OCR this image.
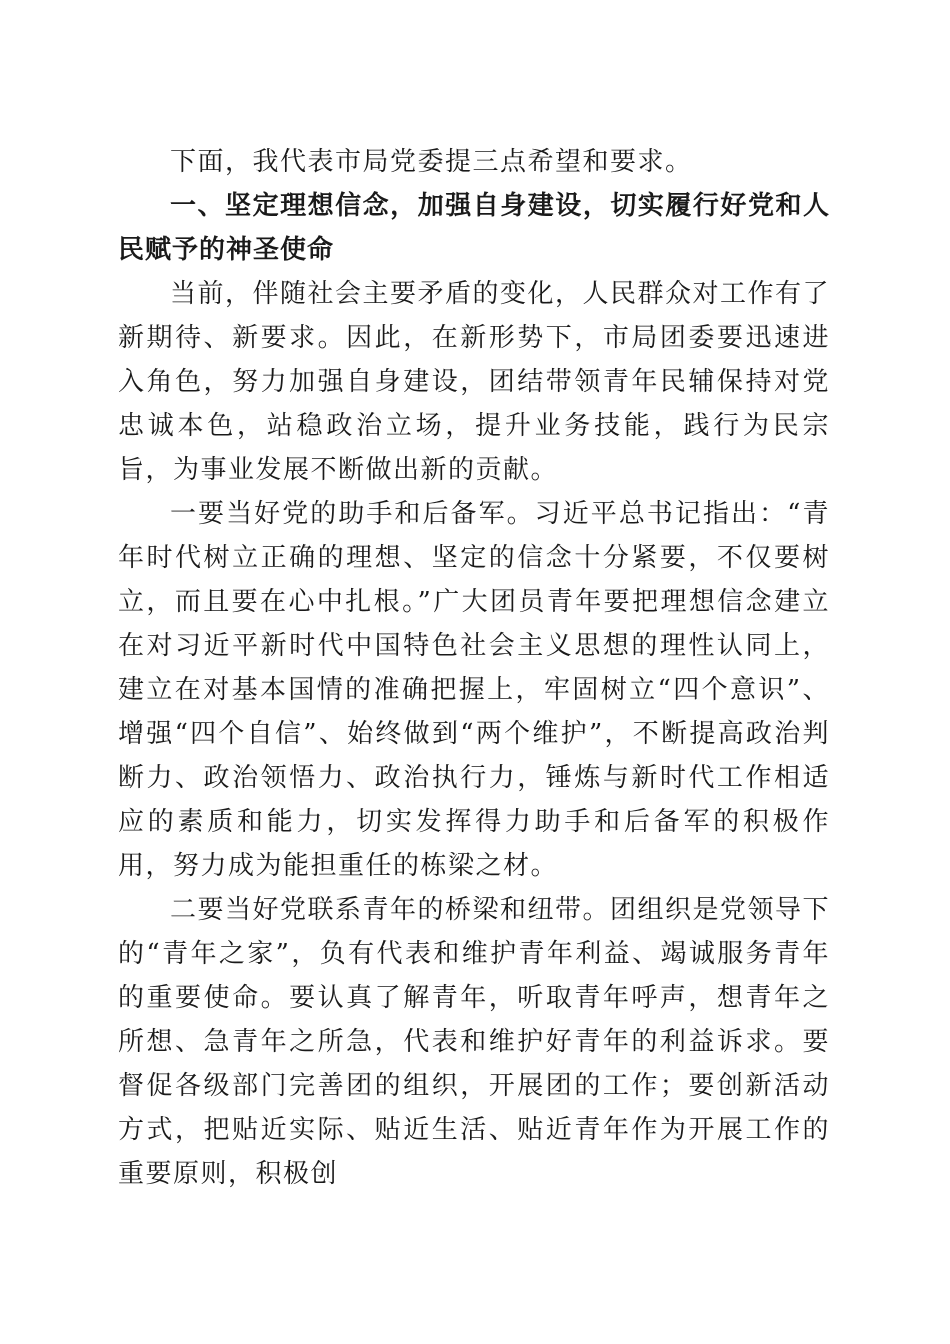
下面，我代表市局党委提三点希望和要求。

一、坚定理想信念，加强自身建设，切实履行好党和人民赋予的神圣使命

当前，伴随社会主要矛盾的变化，人民群众对工作有了新期待、新要求。因此，在新形势下，市局团委要迅速进入角色，努力加强自身建设，团结带领青年民辅保持对党忠诚本色，站稳政治立场，提升业务技能，践行为民宗旨，为事业发展不断做出新的贡献。

一要当好党的助手和后备军。习近平总书记指出：“青年时代树立正确的理想、坚定的信念十分紧要，不仅要树立，而且要在心中扎根。”广大团员青年要把理想信念建立在对习近平新时代中国特色社会主义思想的理性认同上，建立在对基本国情的准确把握上，牢固树立“四个意识”、增强“四个自信”、始终做到“两个维护”，不断提高政治判断力、政治领悟力、政治执行力，锤炼与新时代工作相适应的素质和能力，切实发挥得力助手和后备军的积极作用，努力成为能担重任的栋梁之材。

二要当好党联系青年的桥梁和纽带。团组织是党领导下的“青年之家”，负有代表和维护青年利益、竭诚服务青年的重要使命。要认真了解青年，听取青年呼声，想青年之所想、急青年之所急，代表和维护好青年的利益诉求。要督促各级部门完善团的组织，开展团的工作；要创新活动方式，把贴近实际、贴近生活、贴近青年作为开展工作的重要原则，积极创
